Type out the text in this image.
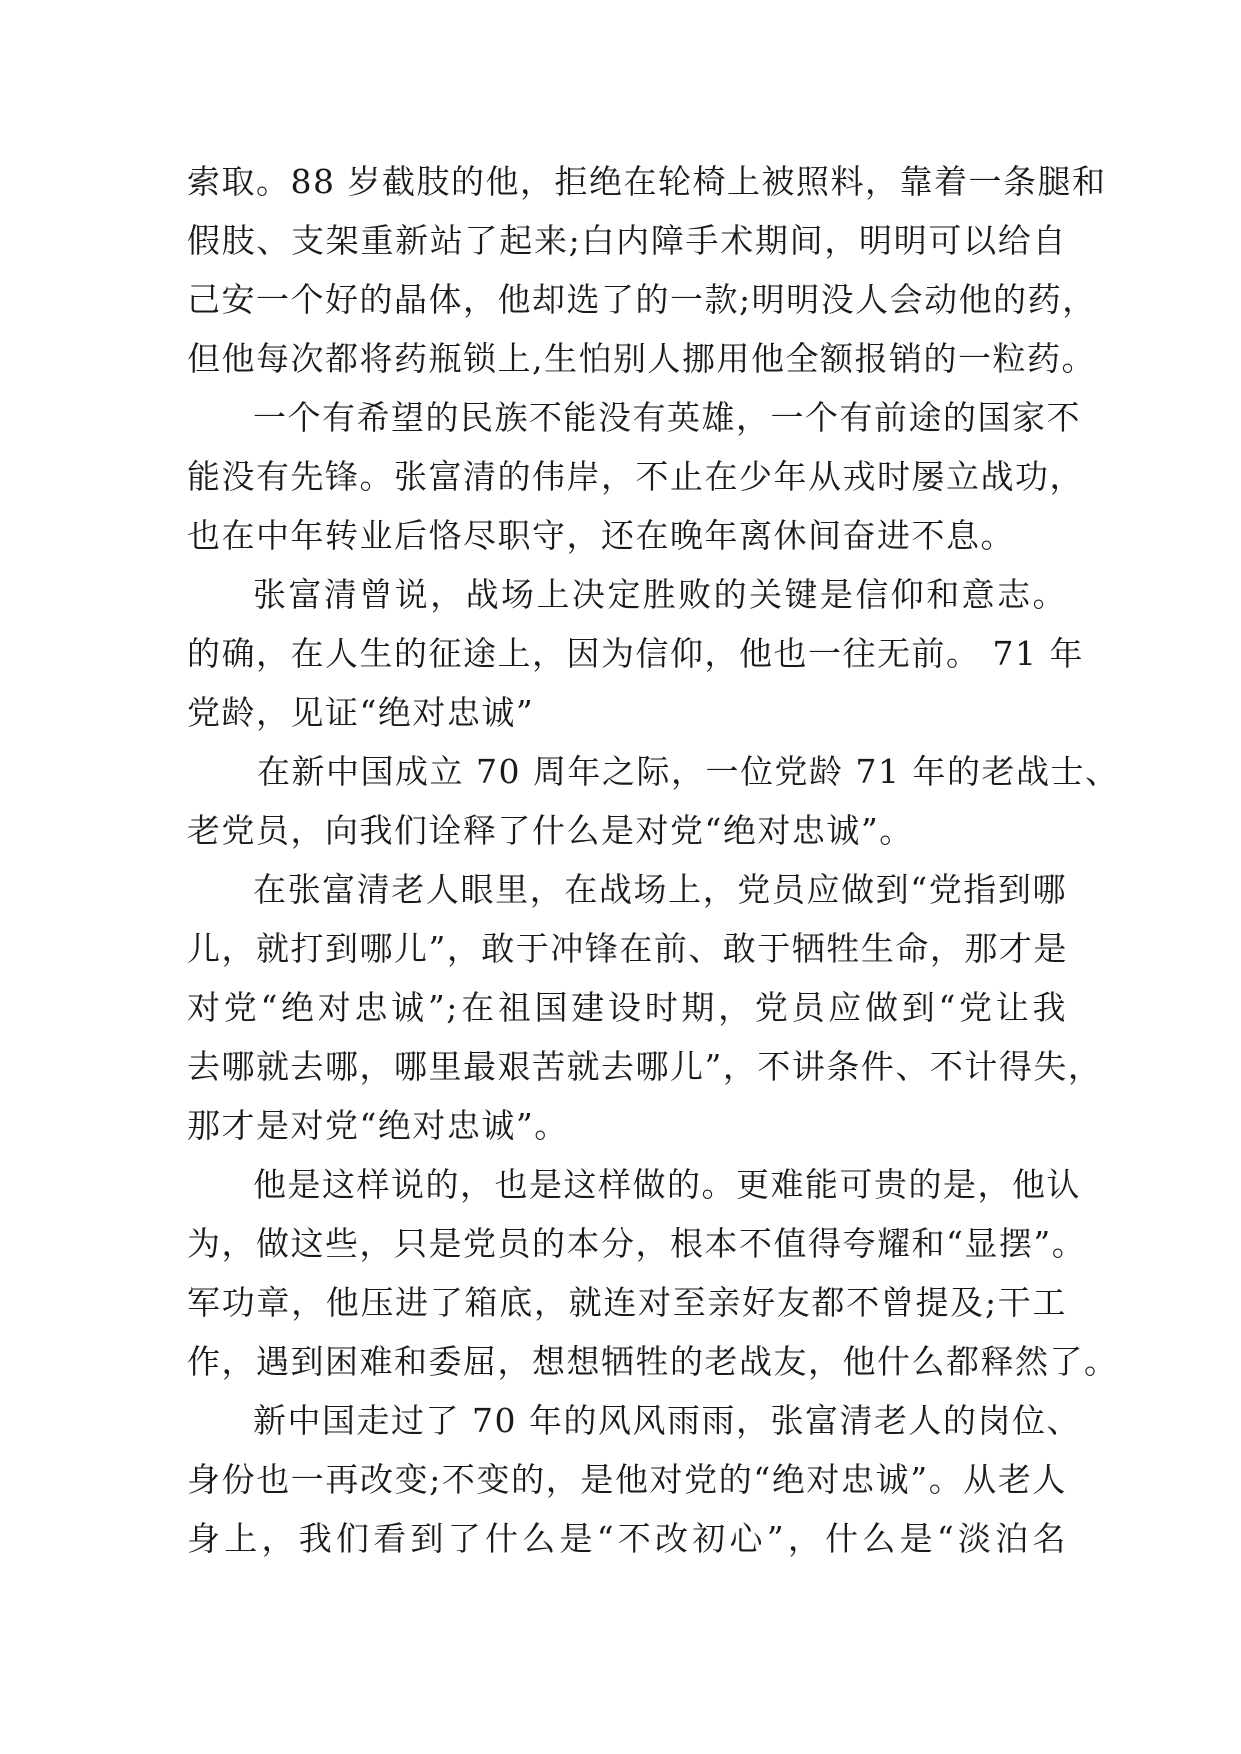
索取。88 岁截肢的他，拒绝在轮椅上被照料，靠着一条腿和
假肢、支架重新站了起来;白内障手术期间，明明可以给自
己安一个好的晶体，他却选了的一款;明明没人会动他的药，
但他每次都将药瓶锁上,生怕别人挪用他全额报销的一粒药。
一个有希望的民族不能没有英雄，一个有前途的国家不
能没有先锋。张富清的伟岸，不止在少年从戎时屡立战功，
也在中年转业后恪尽职守，还在晚年离休间奋进不息。
张富清曾说，战场上决定胜败的关键是信仰和意志。
的确，在人生的征途上，因为信仰，他也一往无前。 71 年
党龄，见证“绝对忠诚”
在新中国成立 70 周年之际，一位党龄 71 年的老战士、
老党员，向我们诠释了什么是对党“绝对忠诚”。
在张富清老人眼里，在战场上，党员应做到“党指到哪
儿，就打到哪儿”，敢于冲锋在前、敢于牺牲生命，那才是
对党“绝对忠诚”;在祖国建设时期，党员应做到“党让我
去哪就去哪，哪里最艰苦就去哪儿”，不讲条件、不计得失，
那才是对党“绝对忠诚”。
他是这样说的，也是这样做的。更难能可贵的是，他认
为，做这些，只是党员的本分，根本不值得夸耀和“显摆”。
军功章，他压进了箱底，就连对至亲好友都不曾提及;干工
作，遇到困难和委屈，想想牺牲的老战友，他什么都释然了。
新中国走过了 70 年的风风雨雨，张富清老人的岗位、
身份也一再改变;不变的，是他对党的“绝对忠诚”。从老人
身上，我们看到了什么是“不改初心”，什么是“淡泊名
